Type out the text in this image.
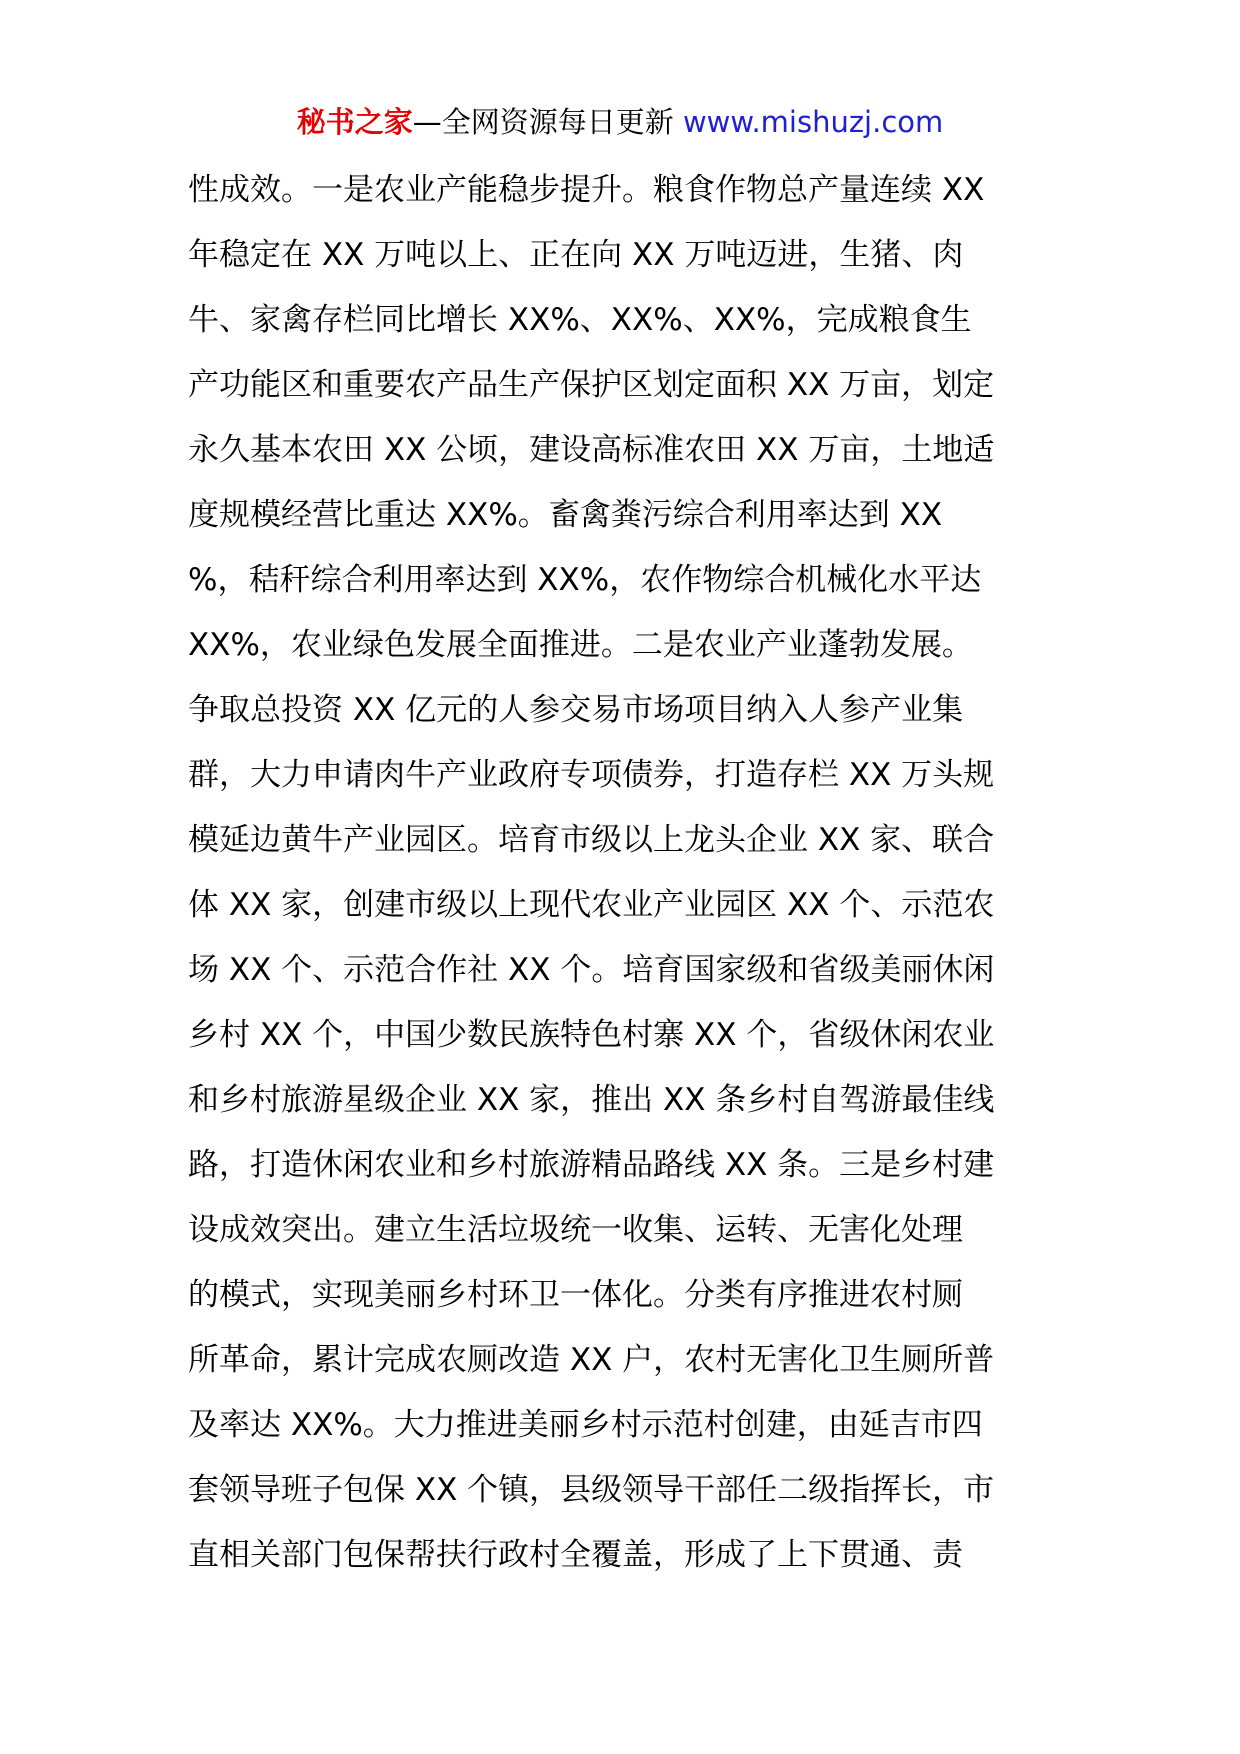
秘书之家—全网资源每日更新 www.mishuzj.com
性成效。一是农业产能稳步提升。粮食作物总产量连续 XX
年稳定在 XX 万吨以上、正在向 XX 万吨迈进，生猪、肉
牛、家禽存栏同比增长 XX%、XX%、XX%，完成粮食生
产功能区和重要农产品生产保护区划定面积 XX 万亩，划定
永久基本农田 XX 公顷，建设高标准农田 XX 万亩，土地适
度规模经营比重达 XX%。畜禽粪污综合利用率达到 XX
%，秸秆综合利用率达到 XX%，农作物综合机械化水平达
XX%，农业绿色发展全面推进。二是农业产业蓬勃发展。
争取总投资 XX 亿元的人参交易市场项目纳入人参产业集
群，大力申请肉牛产业政府专项债券，打造存栏 XX 万头规
模延边黄牛产业园区。培育市级以上龙头企业 XX 家、联合
体 XX 家，创建市级以上现代农业产业园区 XX 个、示范农
场 XX 个、示范合作社 XX 个。培育国家级和省级美丽休闲
乡村 XX 个，中国少数民族特色村寨 XX 个，省级休闲农业
和乡村旅游星级企业 XX 家，推出 XX 条乡村自驾游最佳线
路，打造休闲农业和乡村旅游精品路线 XX 条。三是乡村建
设成效突出。建立生活垃圾统一收集、运转、无害化处理
的模式，实现美丽乡村环卫一体化。分类有序推进农村厕
所革命，累计完成农厕改造 XX 户，农村无害化卫生厕所普
及率达 XX%。大力推进美丽乡村示范村创建，由延吉市四
套领导班子包保 XX 个镇，县级领导干部任二级指挥长，市
直相关部门包保帮扶行政村全覆盖，形成了上下贯通、责
